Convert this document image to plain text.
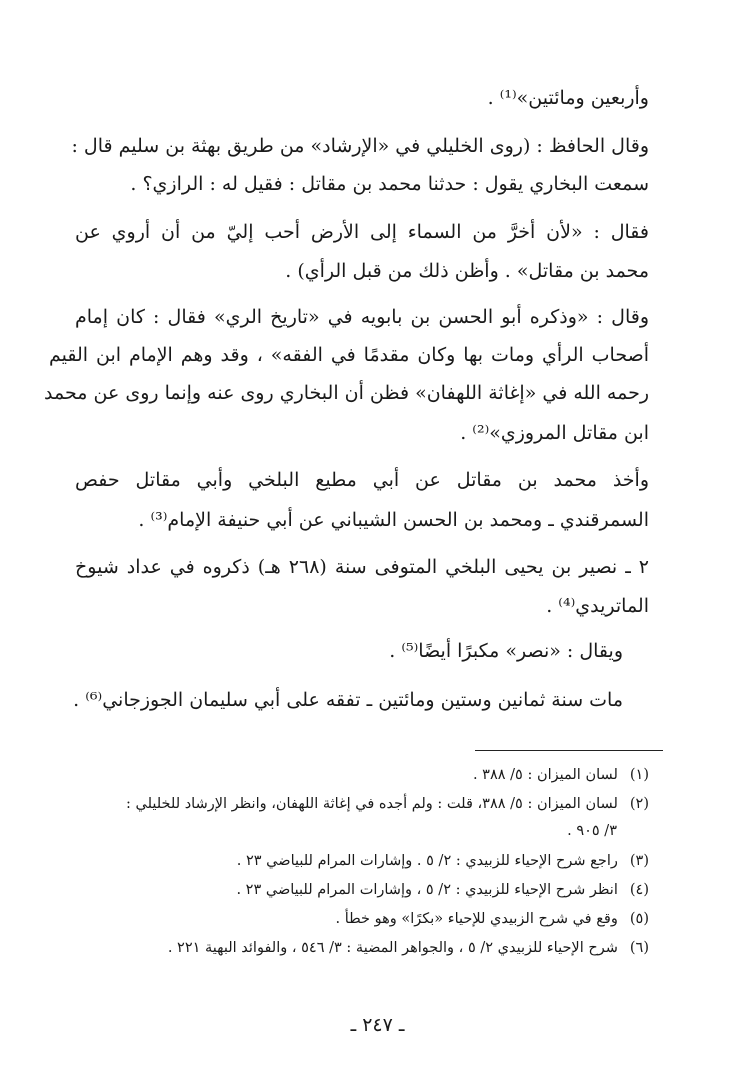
وأربعين ومائتين»⁽¹⁾ .
وقال الحافظ : (روى الخليلي في «الإرشاد» من طريق بهثة بن سليم قال :
سمعت البخاري يقول : حدثنا محمد بن مقاتل : فقيل له : الرازي؟ .
فقال : «لأن أخرَّ من السماء إلى الأرض أحب إليّ من أن أروي عن
محمد بن مقاتل» . وأظن ذلك من قبل الرأي) .
وقال : «وذكره أبو الحسن بن بابويه في «تاريخ الري» فقال : كان إمام
أصحاب الرأي ومات بها وكان مقدمًا في الفقه» ، وقد وهم الإمام ابن القيم
رحمه الله في «إغاثة اللهفان» فظن أن البخاري روى عنه وإنما روى عن محمد
ابن مقاتل المروزي»⁽²⁾ .
وأخذ محمد بن مقاتل عن أبي مطيع البلخي وأبي مقاتل حفص
السمرقندي ـ ومحمد بن الحسن الشيباني عن أبي حنيفة الإمام⁽³⁾ .
٢ ـ نصير بن يحيى البلخي المتوفى سنة (٢٦٨ هـ) ذكروه في عداد شيوخ
الماتريدي⁽⁴⁾ .
ويقال : «نصر» مكبرًا أيضًا⁽⁵⁾ .
مات سنة ثمانين وستين ومائتين ـ تفقه على أبي سليمان الجوزجاني⁽⁶⁾ .
(١)لسان الميزان : ٥/ ٣٨٨ .
(٢)لسان الميزان : ٥/ ٣٨٨، قلت : ولم أجده في إغاثة اللهفان، وانظر الإرشاد للخليلي :
٣/ ٩٠٥ .
(٣)راجع شرح الإحياء للزبيدي : ٢/ ٥ . وإشارات المرام للبياضي ٢٣ .
(٤)انظر شرح الإحياء للزبيدي : ٢/ ٥ ، وإشارات المرام للبياضي ٢٣ .
(٥)وقع في شرح الزبيدي للإحياء «بكرًا» وهو خطأ .
(٦)شرح الإحياء للزبيدي ٢/ ٥ ، والجواهر المضية : ٣/ ٥٤٦ ، والفوائد البهية ٢٢١ .
ـ ٢٤٧ ـ
